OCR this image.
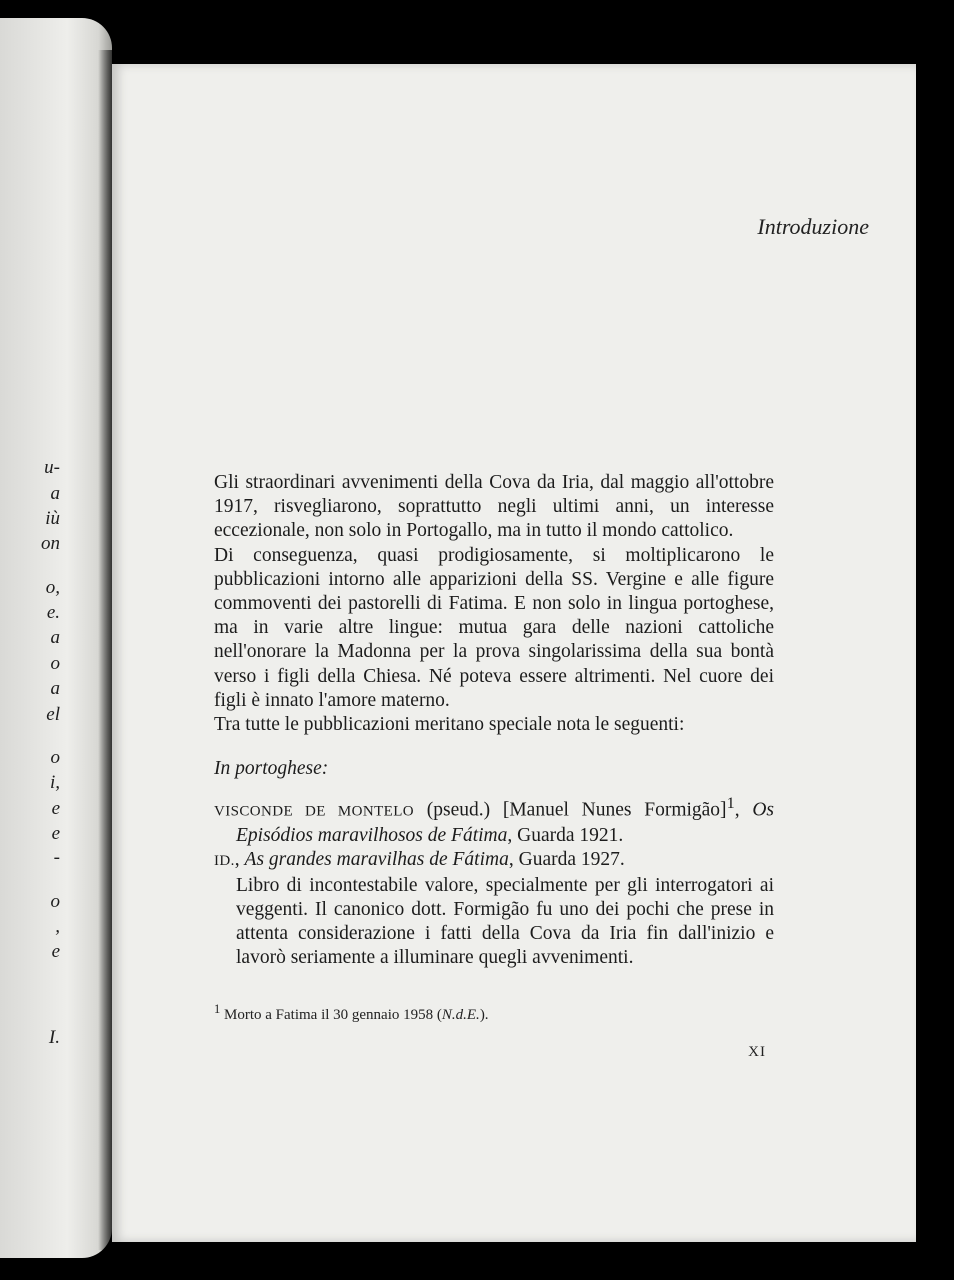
u-
a
iù
on
o,
e.
a
o
a
el
o
i,
e
e
-
o
,
e
I.
Introduzione

Gli straordinari avvenimenti della Cova da Iria, dal maggio all'ottobre 1917, risvegliarono, soprattutto negli ultimi anni, un interesse eccezionale, non solo in Portogallo, ma in tutto il mondo cattolico.

Di conseguenza, quasi prodigiosamente, si moltiplicarono le pubblicazioni intorno alle apparizioni della SS. Vergine e alle figure commoventi dei pastorelli di Fatima. E non solo in lingua portoghese, ma in varie altre lingue: mutua gara delle nazioni cattoliche nell'onorare la Madonna per la prova singolarissima della sua bontà verso i figli della Chiesa. Né poteva essere altrimenti. Nel cuore dei figli è innato l'amore materno.

Tra tutte le pubblicazioni meritano speciale nota le seguenti:

In portoghese:

VISCONDE DE MONTELO (pseud.) [Manuel Nunes Formigão]$^1$, Os Episódios maravilhosos de Fátima, Guarda 1921.

ID., As grandes maravilhas de Fátima, Guarda 1927.

Libro di incontestabile valore, specialmente per gli interrogatori ai veggenti. Il canonico dott. Formigão fu uno dei pochi che prese in attenta considerazione i fatti della Cova da Iria fin dall'inizio e lavorò seriamente a illuminare quegli avvenimenti.

$^1$ Morto a Fatima il 30 gennaio 1958 (N.d.E.).

XI
